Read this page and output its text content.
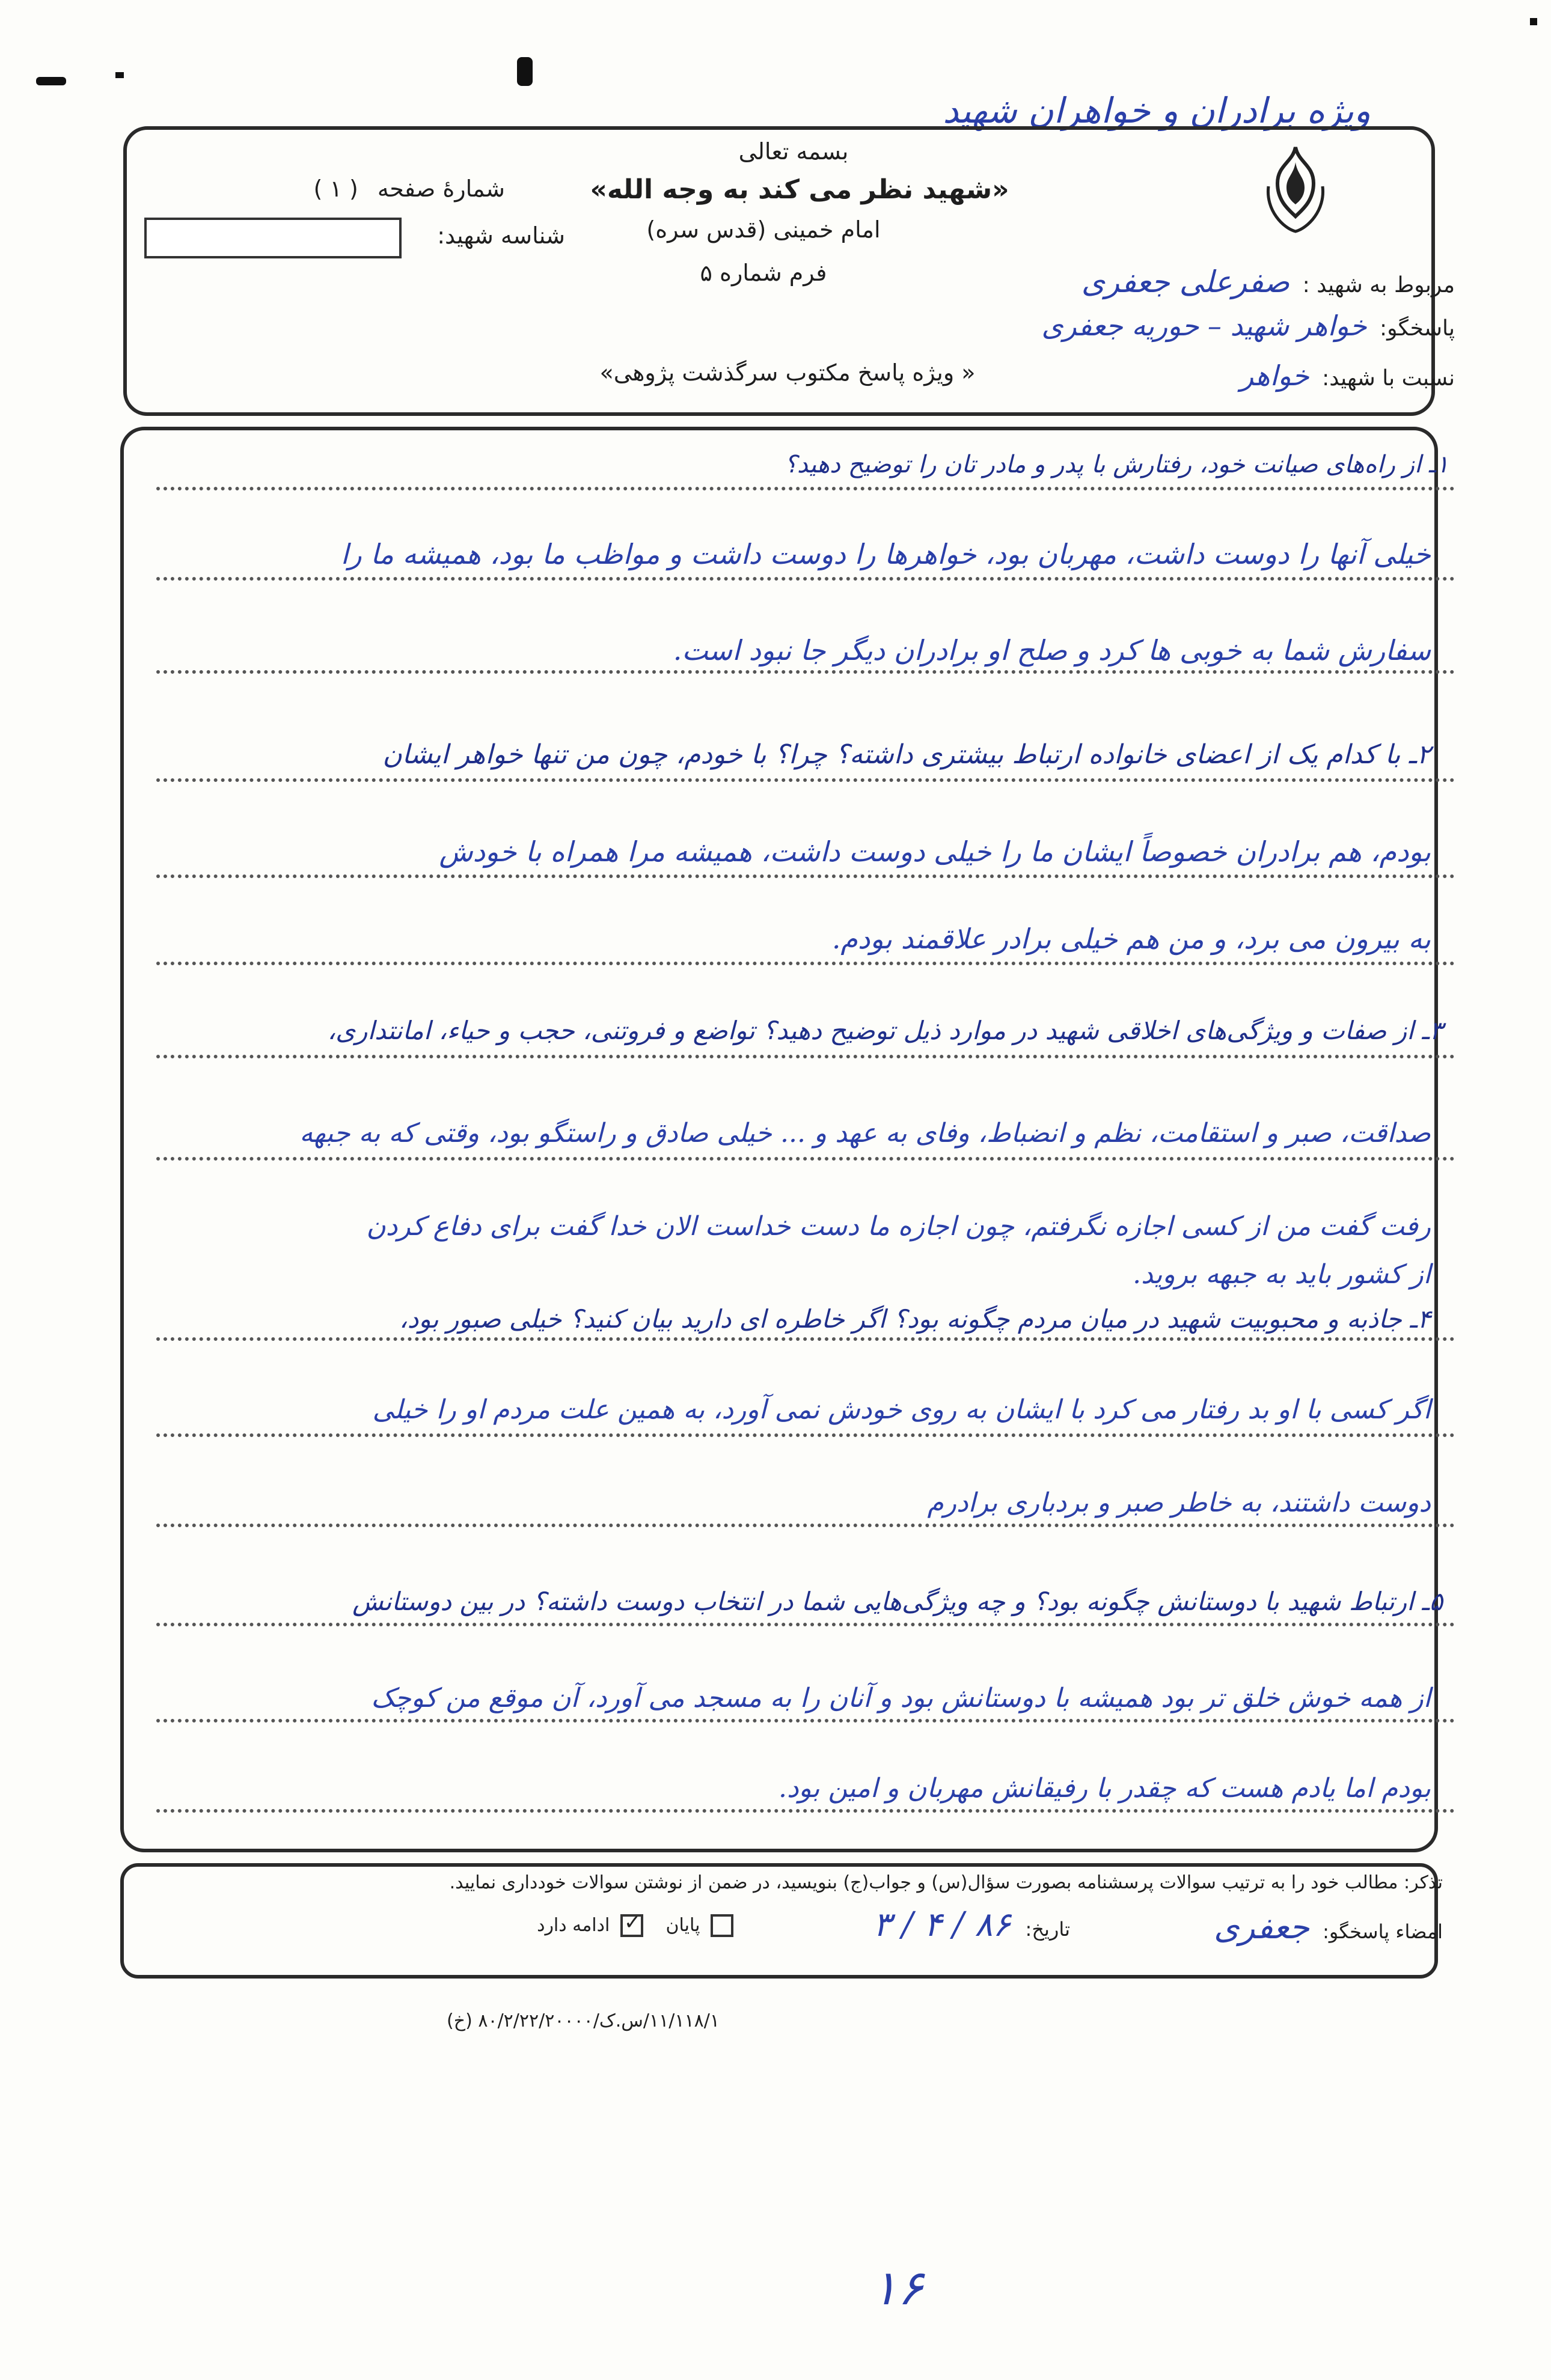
ویژه برادران و خواهران شهید
بسمه تعالی
«شهید نظر می کند به وجه الله»
امام خمینی (قدس سره)
فرم شماره ۵
« ویژه پاسخ مکتوب سرگذشت پژوهی»
شمارهٔ صفحه ( ۱ )
شناسه شهید:
مربوط به شهید : صفرعلی جعفری
پاسخگو: خواهر شهید – حوریه جعفری
نسبت با شهید: خواهر
۱ـ از راه‌های صیانت خود، رفتارش با پدر و مادر تان را توضیح دهید؟
خیلی آنها را دوست داشت، مهربان بود، خواهرها را دوست داشت و مواظب ما بود، همیشه ما را
سفارش شما به خوبی ها کرد و صلح او برادران دیگر جا نبود است.
۲ـ با کدام یک از اعضای خانواده ارتباط بیشتری داشته؟ چرا؟ با خودم، چون من تنها خواهر ایشان
بودم، هم برادران خصوصاً ایشان ما را خیلی دوست داشت، همیشه مرا همراه با خودش
به بیرون می برد، و من هم خیلی برادر علاقمند بودم.
۳ـ از صفات و ویژگی‌های اخلاقی شهید در موارد ذیل توضیح دهید؟ تواضع و فروتنی، حجب و حیاء، امانتداری،
صداقت، صبر و استقامت، نظم و انضباط، وفای به عهد و ... خیلی صادق و راستگو بود، وقتی که به جبهه
رفت گفت من از کسی اجازه نگرفتم، چون اجازه ما دست خداست الان خدا گفت برای دفاع کردن
از کشور باید به جبهه بروید.
۴ـ جاذبه و محبوبیت شهید در میان مردم چگونه بود؟ اگر خاطره ای دارید بیان کنید؟ خیلی صبور بود،
اگر کسی با او بد رفتار می کرد با ایشان به روی خودش نمی آورد، به همین علت مردم او را خیلی
دوست داشتند، به خاطر صبر و بردباری برادرم
۵ـ ارتباط شهید با دوستانش چگونه بود؟ و چه ویژگی‌هایی شما در انتخاب دوست داشته؟ در بین دوستانش
از همه خوش خلق تر بود همیشه با دوستانش بود و آنان را به مسجد می آورد، آن موقع من کوچک
بودم اما یادم هست که چقدر با رفیقانش مهربان و امین بود.
تذکر: مطالب خود را به ترتیب سوالات پرسشنامه بصورت سؤال(س) و جواب(ج) بنویسید، در ضمن از نوشتن سوالات خودداری نمایید.
امضاء پاسخگو: جعفری
تاریخ: ۸۶ / ۴ / ۳
پایان ✓ ادامه دارد
۱۱/۱۱۸/۱/س.ک/۸۰/۲/۲۲/۲۰۰۰۰ (خ)
۱۶
